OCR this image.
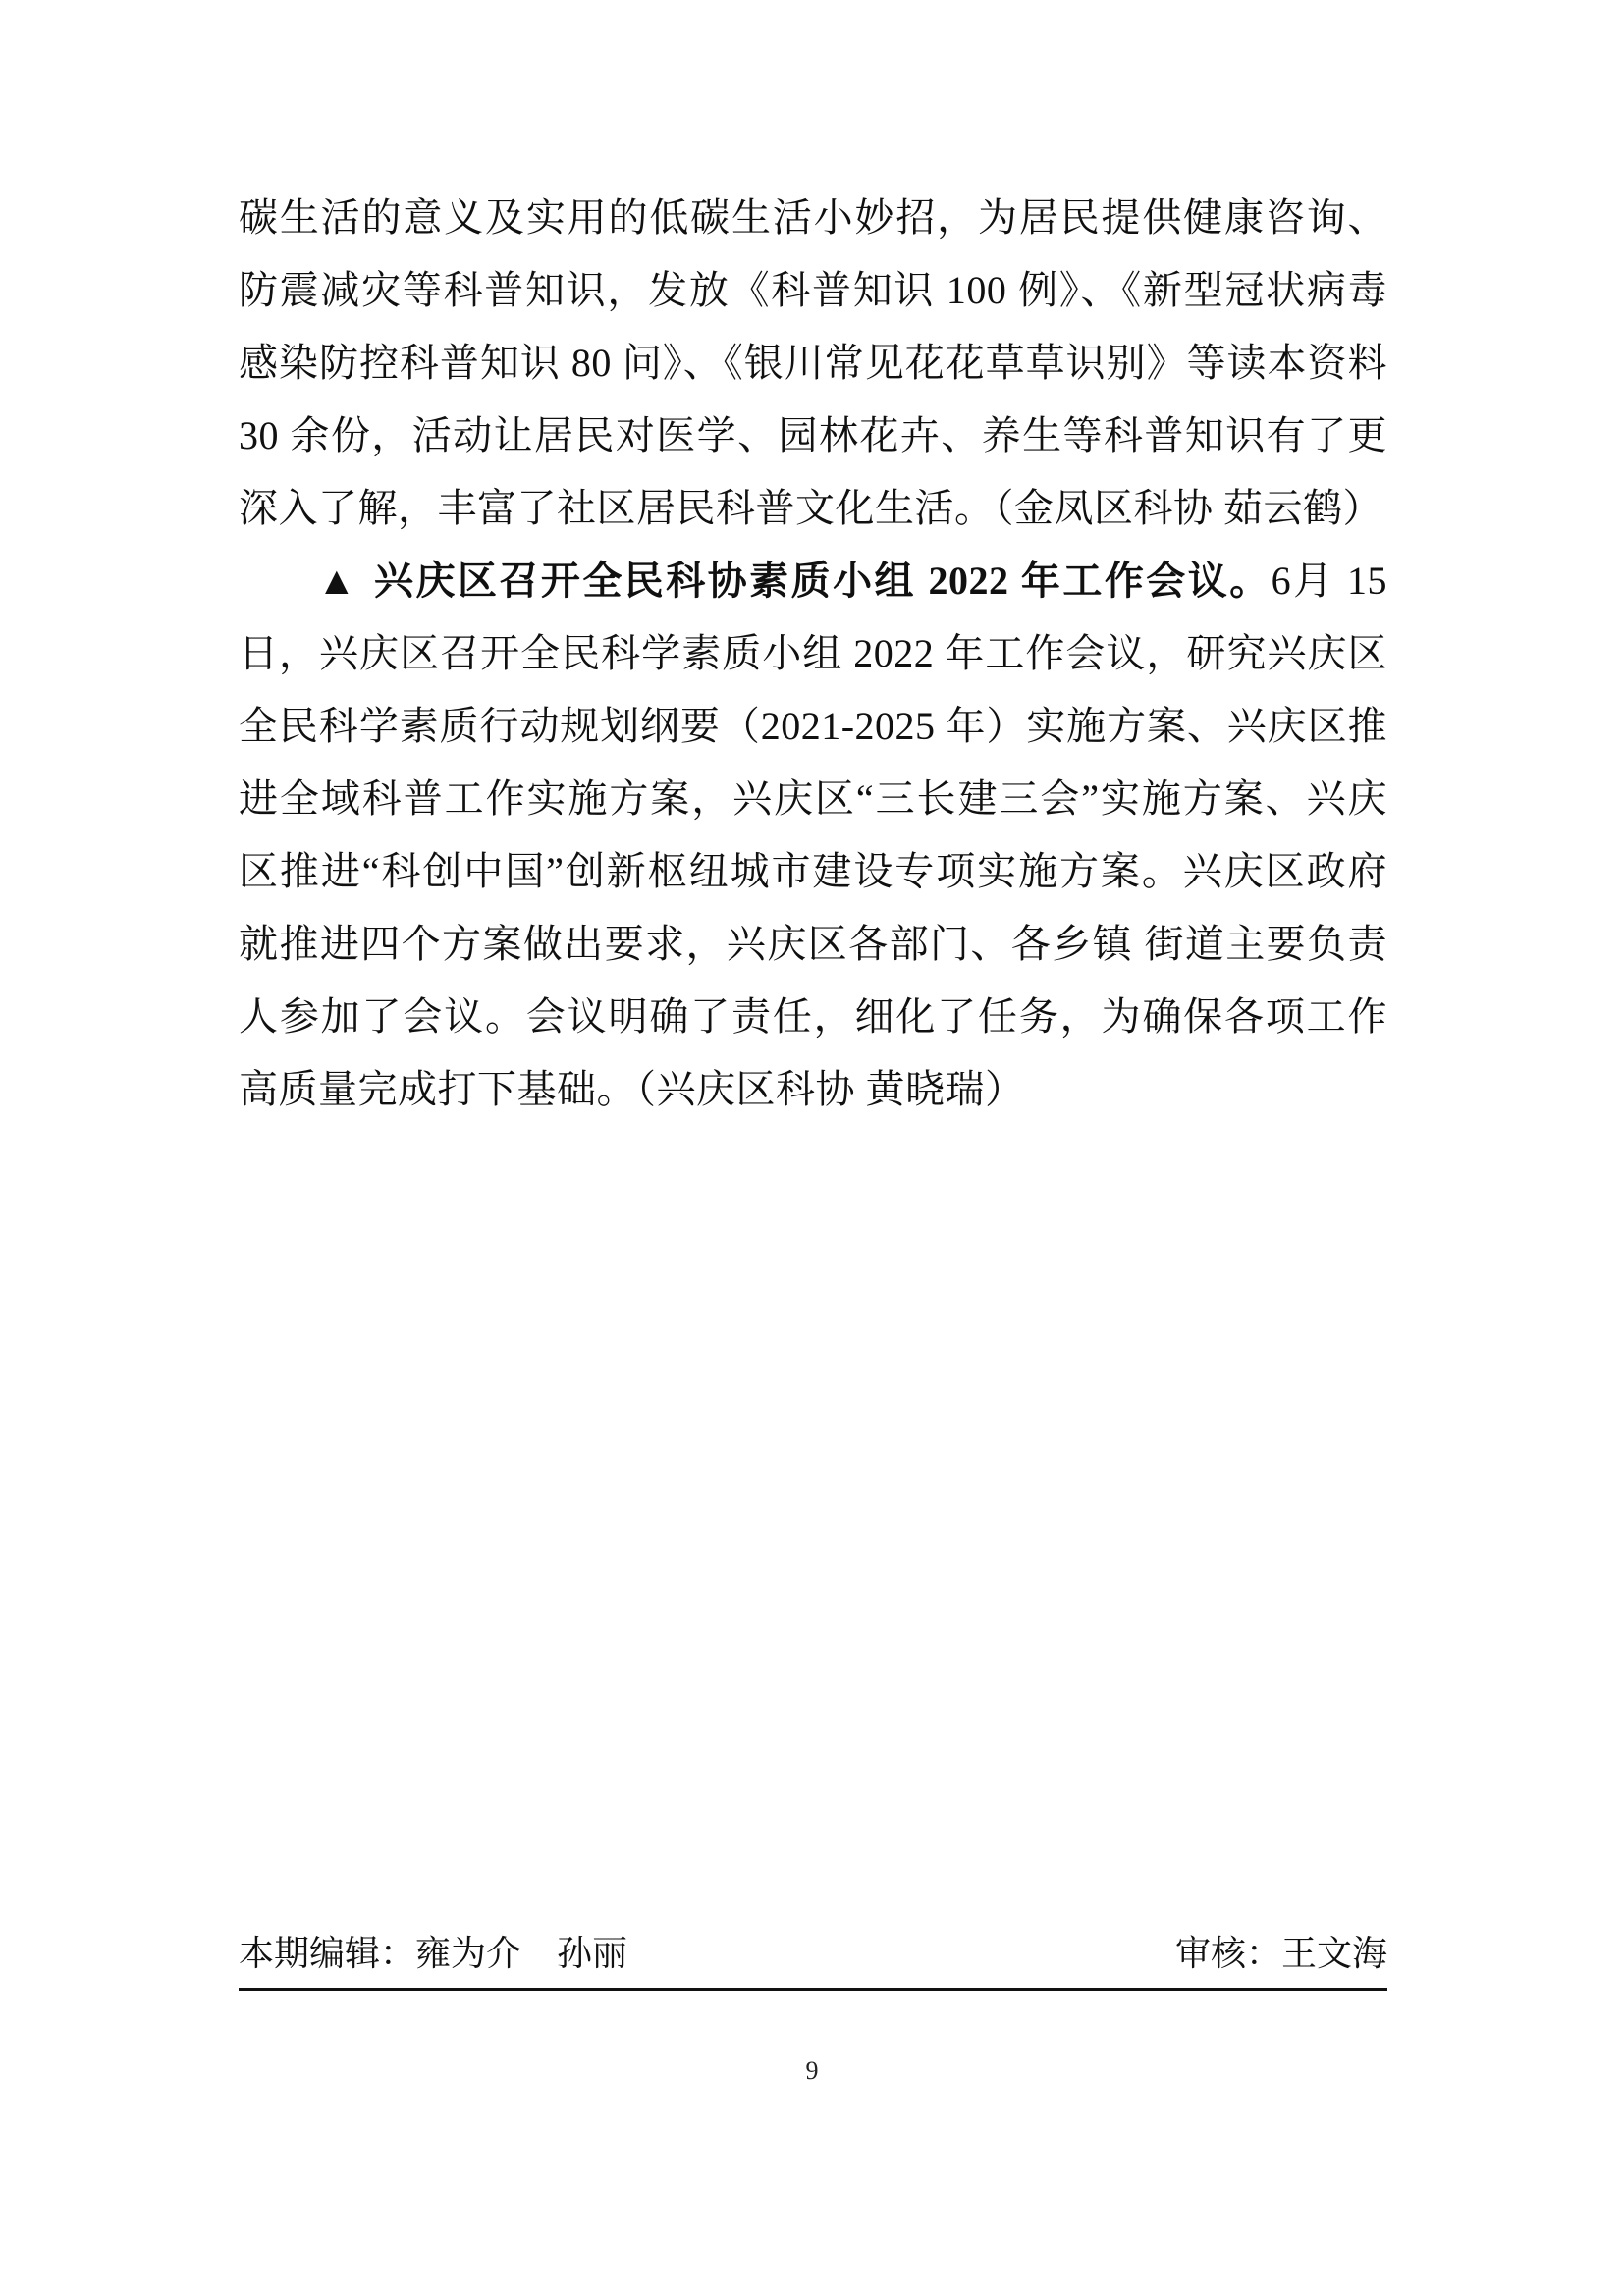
碳生活的意义及实用的低碳生活小妙招，为居民提供健康咨询、防震减灾等科普知识，发放《科普知识 100 例》、《新型冠状病毒感染防控科普知识 80 问》、《银川常见花花草草识别》等读本资料 30 余份，活动让居民对医学、园林花卉、养生等科普知识有了更深入了解，丰富了社区居民科普文化生活。（金凤区科协 茹云鹤）

▲ 兴庆区召开全民科协素质小组 2022 年工作会议。6月 15 日，兴庆区召开全民科学素质小组 2022 年工作会议，研究兴庆区全民科学素质行动规划纲要（2021-2025 年）实施方案、兴庆区推进全域科普工作实施方案，兴庆区“三长建三会”实施方案、兴庆区推进“科创中国”创新枢纽城市建设专项实施方案。兴庆区政府就推进四个方案做出要求，兴庆区各部门、各乡镇 街道主要负责人参加了会议。会议明确了责任，细化了任务，为确保各项工作高质量完成打下基础。（兴庆区科协 黄晓瑞）

本期编辑：雍为介　孙丽	审核：王文海
9
